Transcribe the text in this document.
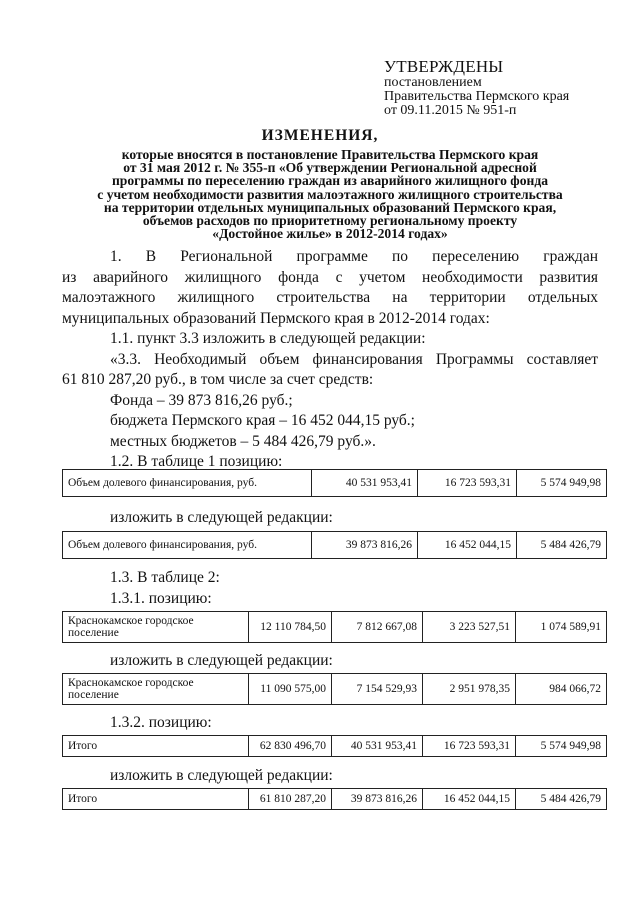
УТВЕРЖДЕНЫ
постановлением
Правительства Пермского края
от 09.11.2015 № 951-п
ИЗМЕНЕНИЯ,
которые вносятся в постановление Правительства Пермского края
от 31 мая 2012 г. № 355-п «Об утверждении Региональной адресной
программы по переселению граждан из аварийного жилищного фонда
с учетом необходимости развития малоэтажного жилищного строительства
на территории отдельных муниципальных образований Пермского края,
объемов расходов по приоритетному региональному проекту
«Достойное жилье» в 2012-2014 годах»
1. В Региональной программе по переселению граждан
из аварийного жилищного фонда с учетом необходимости развития
малоэтажного жилищного строительства на территории отдельных
муниципальных образований Пермского края в 2012-2014 годах:
1.1. пункт 3.3 изложить в следующей редакции:
«3.3. Необходимый объем финансирования Программы составляет
61 810 287,20 руб., в том числе за счет средств:
Фонда – 39 873 816,26 руб.;
бюджета Пермского края – 16 452 044,15 руб.;
местных бюджетов – 5 484 426,79 руб.».
1.2. В таблице 1 позицию:
Объем долевого финансирования, руб.	40 531 953,41	16 723 593,31	5 574 949,98
изложить в следующей редакции:
Объем долевого финансирования, руб.	39 873 816,26	16 452 044,15	5 484 426,79
1.3. В таблице 2:
1.3.1. позицию:
Краснокамское городское поселение	12 110 784,50	7 812 667,08	3 223 527,51	1 074 589,91
изложить в следующей редакции:
Краснокамское городское поселение	11 090 575,00	7 154 529,93	2 951 978,35	984 066,72
1.3.2. позицию:
Итого	62 830 496,70	40 531 953,41	16 723 593,31	5 574 949,98
изложить в следующей редакции:
Итого	61 810 287,20	39 873 816,26	16 452 044,15	5 484 426,79
